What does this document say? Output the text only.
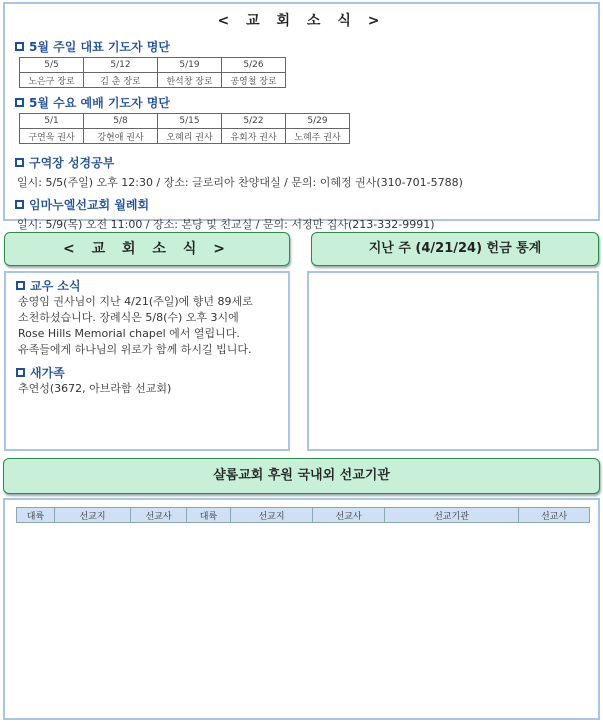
< 교 회 소 식 >
5월 주일 대표 기도자 명단
5/5	5/12	5/19	5/26
노은구 장로	김 춘 장로	한석창 장로	공영철 장로
5월 수요 예배 기도자 명단
5/1	5/8	5/15	5/22	5/29
구연욱 권사	강현애 권사	오혜리 권사	유회자 권사	노혜주 권사
구역장 성경공부
일시: 5/5(주일) 오후 12:30 / 장소: 글로리아 찬양대실 / 문의: 이혜정 권사(310-701-5788)
임마누엘선교회 월례회
일시: 5/9(목) 오전 11:00 / 장소: 본당 및 친교실 / 문의: 서정만 집사(213-332-9991)
< 교 회 소 식 >	지난 주 (4/21/24) 헌금 통계
교우 소식
송영임 권사님이 지난 4/21(주일)에 향년 89세로
소천하셨습니다. 장례식은 5/8(수) 오후 3시에
Rose Hills Memorial chapel 에서 열립니다.
유족들에게 하나님의 위로가 함께 하시길 빕니다.
새가족
추연성(3672, 아브라함 선교회)
샬롬교회 후원 국내외 선교기관
대륙	선교지	선교사	대륙	선교지	선교사	선교기관	선교사
